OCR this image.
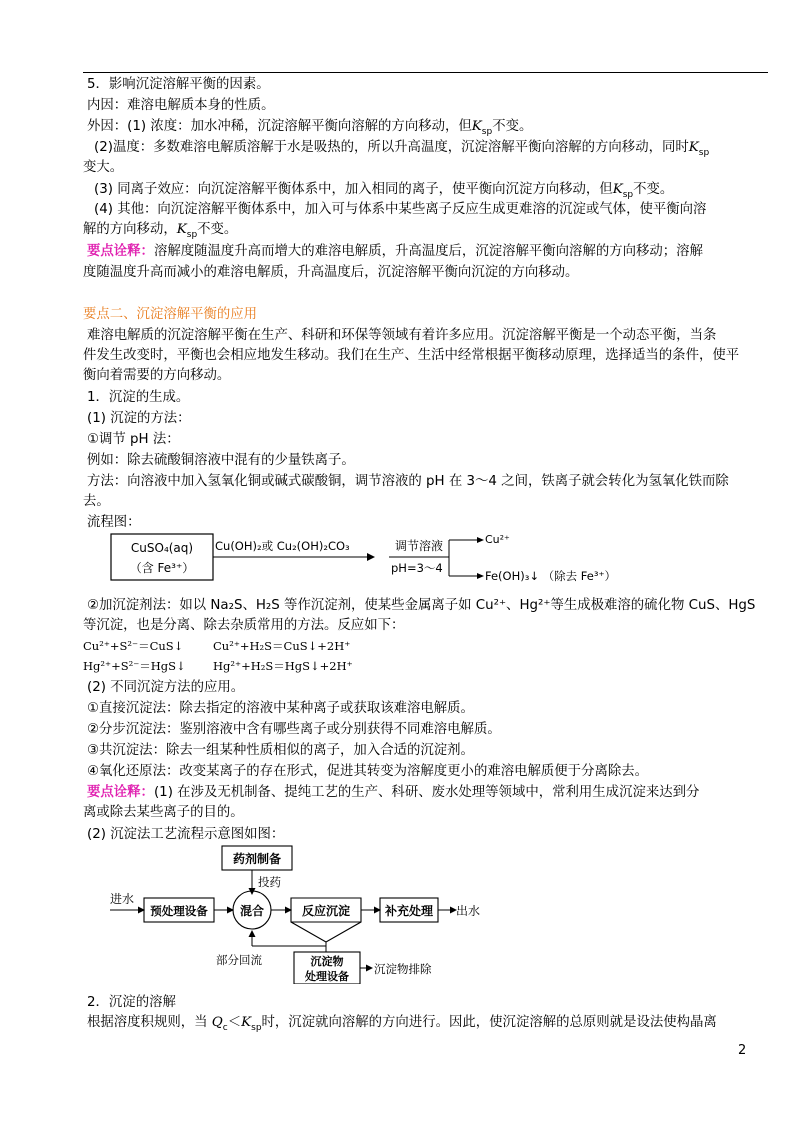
5．影响沉淀溶解平衡的因素。
内因：难溶电解质本身的性质。
外因：(1) 浓度：加水冲稀，沉淀溶解平衡向溶解的方向移动，但$K_{sp}$不变。
(2)温度：多数难溶电解质溶解于水是吸热的，所以升高温度，沉淀溶解平衡向溶解的方向移动，同时$K_{sp}$
变大。
(3) 同离子效应：向沉淀溶解平衡体系中，加入相同的离子，使平衡向沉淀方向移动，但$K_{sp}$不变。
(4) 其他：向沉淀溶解平衡体系中，加入可与体系中某些离子反应生成更难溶的沉淀或气体，使平衡向溶
解的方向移动，$K_{sp}$不变。
要点诠释：溶解度随温度升高而增大的难溶电解质，升高温度后，沉淀溶解平衡向溶解的方向移动；溶解
度随温度升高而减小的难溶电解质，升高温度后，沉淀溶解平衡向沉淀的方向移动。
要点二、沉淀溶解平衡的应用
难溶电解质的沉淀溶解平衡在生产、科研和环保等领域有着许多应用。沉淀溶解平衡是一个动态平衡，当条
件发生改变时，平衡也会相应地发生移动。我们在生产、生活中经常根据平衡移动原理，选择适当的条件，使平
衡向着需要的方向移动。
1．沉淀的生成。
(1) 沉淀的方法：
①调节 pH 法：
例如：除去硫酸铜溶液中混有的少量铁离子。
方法：向溶液中加入氢氧化铜或碱式碳酸铜，调节溶液的 pH 在 3～4 之间，铁离子就会转化为氢氧化铁而除
去。
流程图：
CuSO₄(aq)
（含 Fe³⁺）
Cu(OH)₂或 Cu₂(OH)₂CO₃	调节溶液
pH=3～4
Cu²⁺
Fe(OH)₃↓ （除去 Fe³⁺）
②加沉淀剂法：如以 Na₂S、H₂S 等作沉淀剂，使某些金属离子如 Cu²⁺、Hg²⁺等生成极难溶的硫化物 CuS、HgS
等沉淀，也是分离、除去杂质常用的方法。反应如下：
Cu²⁺+S²⁻＝CuS↓	Cu²⁺+H₂S＝CuS↓+2H⁺
Hg²⁺+S²⁻＝HgS↓ Hg²⁺+H₂S＝HgS↓+2H⁺
(2) 不同沉淀方法的应用。
①直接沉淀法：除去指定的溶液中某种离子或获取该难溶电解质。
②分步沉淀法：鉴别溶液中含有哪些离子或分别获得不同难溶电解质。
③共沉淀法：除去一组某种性质相似的离子，加入合适的沉淀剂。
④氧化还原法：改变某离子的存在形式，促进其转变为溶解度更小的难溶电解质便于分离除去。
要点诠释：(1) 在涉及无机制备、提纯工艺的生产、科研、废水处理等领域中，常利用生成沉淀来达到分
离或除去某些离子的目的。
(2) 沉淀法工艺流程示意图如图：
药剂制备
投药
进水
预处理设备	混合	反应沉淀	补充处理 出水
部分回流	沉淀物
处理设备
沉淀物排除
2．沉淀的溶解
根据溶度积规则，当 $Q_c<K_{sp}$时，沉淀就向溶解的方向进行。因此，使沉淀溶解的总原则就是设法使构晶离
2
